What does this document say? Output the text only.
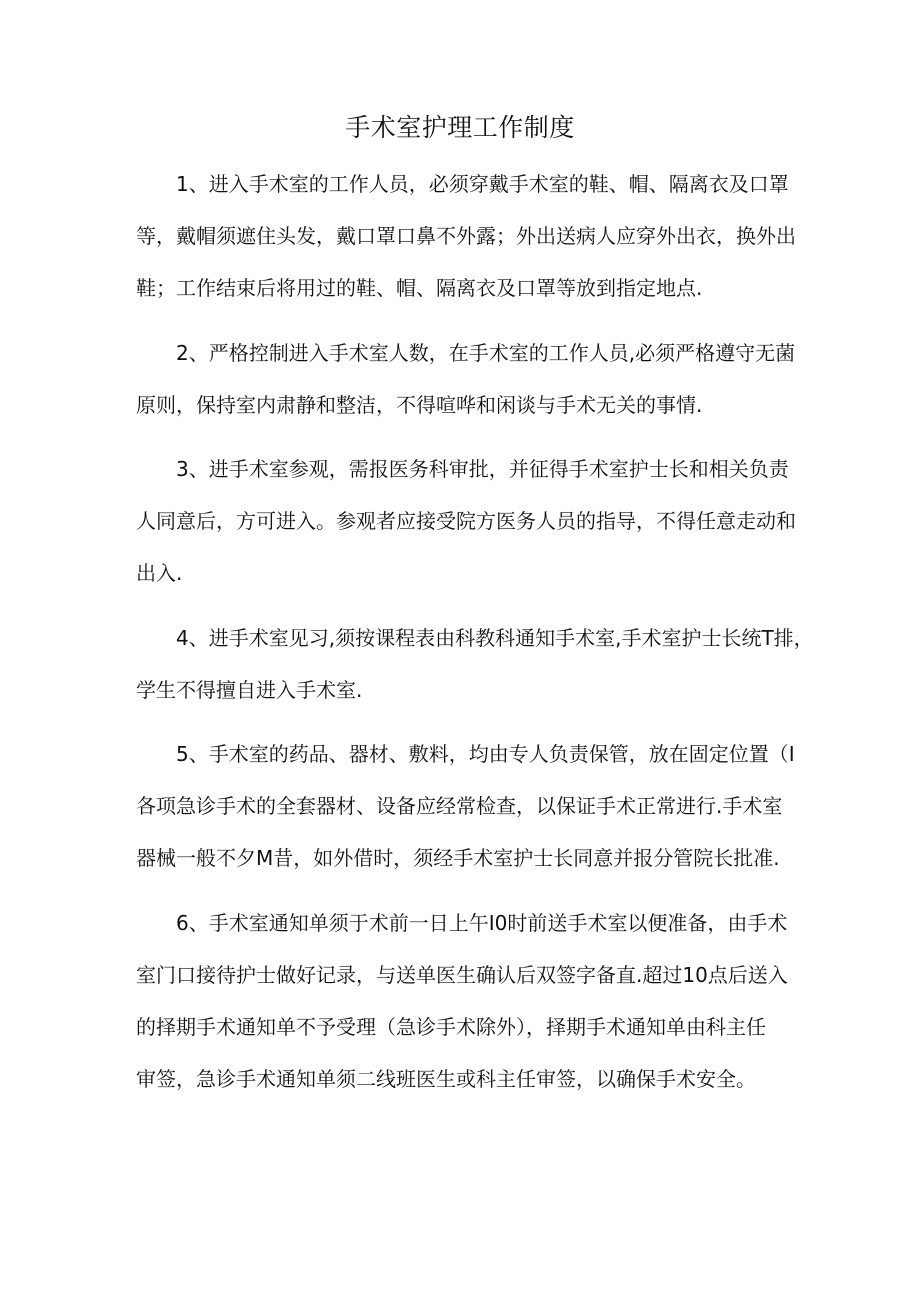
手术室护理工作制度
1、进入手术室的工作人员，必须穿戴手术室的鞋、帽、隔离衣及口罩
等，戴帽须遮住头发，戴口罩口鼻不外露；外出送病人应穿外出衣，换外出
鞋；工作结束后将用过的鞋、帽、隔离衣及口罩等放到指定地点.
2、严格控制进入手术室人数，在手术室的工作人员,必须严格遵守无菌
原则，保持室内肃静和整洁，不得喧哗和闲谈与手术无关的事情.
3、进手术室参观，需报医务科审批，并征得手术室护士长和相关负责
人同意后，方可进入。参观者应接受院方医务人员的指导，不得任意走动和
出入.
4、进手术室见习,须按课程表由科教科通知手术室,手术室护士长统T排，
学生不得擅自进入手术室.
5、手术室的药品、器材、敷料，均由专人负责保管，放在固定位置（I
各项急诊手术的全套器材、设备应经常检查，以保证手术正常进行.手术室
器械一般不夕M昔，如外借时，须经手术室护士长同意并报分管院长批准.
6、手术室通知单须于术前一日上午I0时前送手术室以便准备，由手术
室门口接待护士做好记录，与送单医生确认后双签字备直.超过10点后送入
的择期手术通知单不予受理（急诊手术除外），择期手术通知单由科主任
审签，急诊手术通知单须二线班医生或科主任审签，以确保手术安全。
